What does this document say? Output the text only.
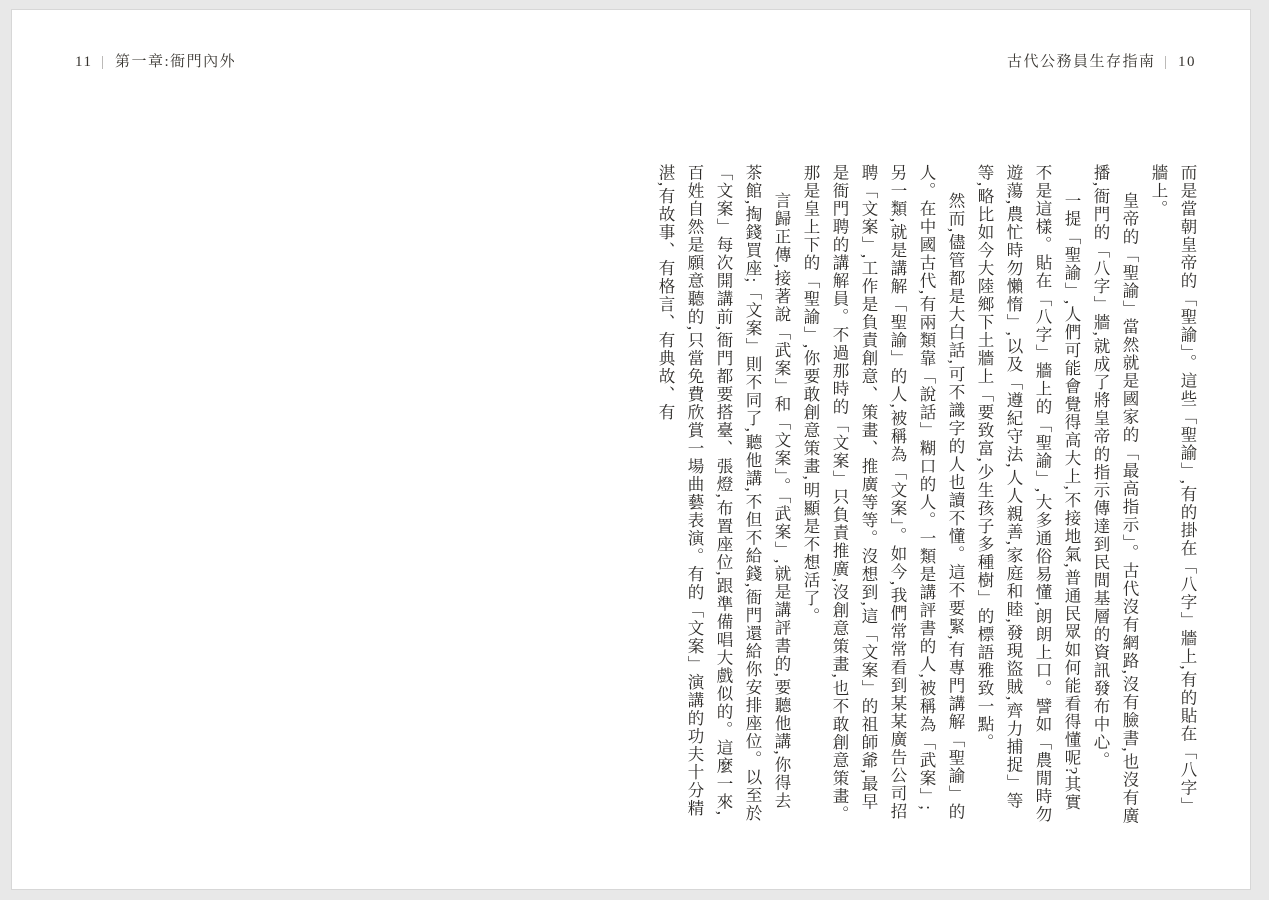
11 | 第一章:衙門內外	古代公務員生存指南 | 10

而是當朝皇帝的「聖諭」。這些「聖諭」,有的掛在「八字」牆上,有的貼在「八字」牆上。

皇帝的「聖諭」當然就是國家的「最高指示」。古代沒有網路,沒有臉書,也沒有廣播,衙門的「八字」牆,就成了將皇帝的指示傳達到民間基層的資訊發布中心。

一提「聖諭」,人們可能會覺得高大上,不接地氣,普通民眾如何能看得懂呢?其實不是這樣。貼在「八字」牆上的「聖諭」,大多通俗易懂,朗朗上口。譬如「農閒時勿遊蕩,農忙時勿懶惰」,以及「遵紀守法,人人親善,家庭和睦,發現盜賊,齊力捕捉」等等,略比如今大陸鄉下土牆上「要致富,少生孩子多種樹」的標語雅致一點。

然而,儘管都是大白話,可不識字的人也讀不懂。這不要緊,有專門講解「聖諭」的人。在中國古代,有兩類靠「說話」糊口的人。一類是講評書的人,被稱為「武案」;另一類,就是講解「聖諭」的人,被稱為「文案」。如今,我們常常看到某某廣告公司招聘「文案」,工作是負責創意、策畫、推廣等等。沒想到,這「文案」的祖師爺,最早是衙門聘的講解員。不過那時的「文案」只負責推廣,沒創意策畫,也不敢創意策畫。那是皇上下的「聖諭」,你要敢創意策畫,明顯是不想活了。

言歸正傳,接著說「武案」和「文案」。「武案」,就是講評書的,要聽他講,你得去茶館,掏錢買座;「文案」則不同了,聽他講,不但不給錢,衙門還給你安排座位。以至於「文案」每次開講前,衙門都要搭臺、張燈,布置座位,跟準備唱大戲似的。這麼一來,百姓自然是願意聽的,只當免費欣賞一場曲藝表演。有的「文案」演講的功夫十分精湛,有故事、有格言、有典故、有
